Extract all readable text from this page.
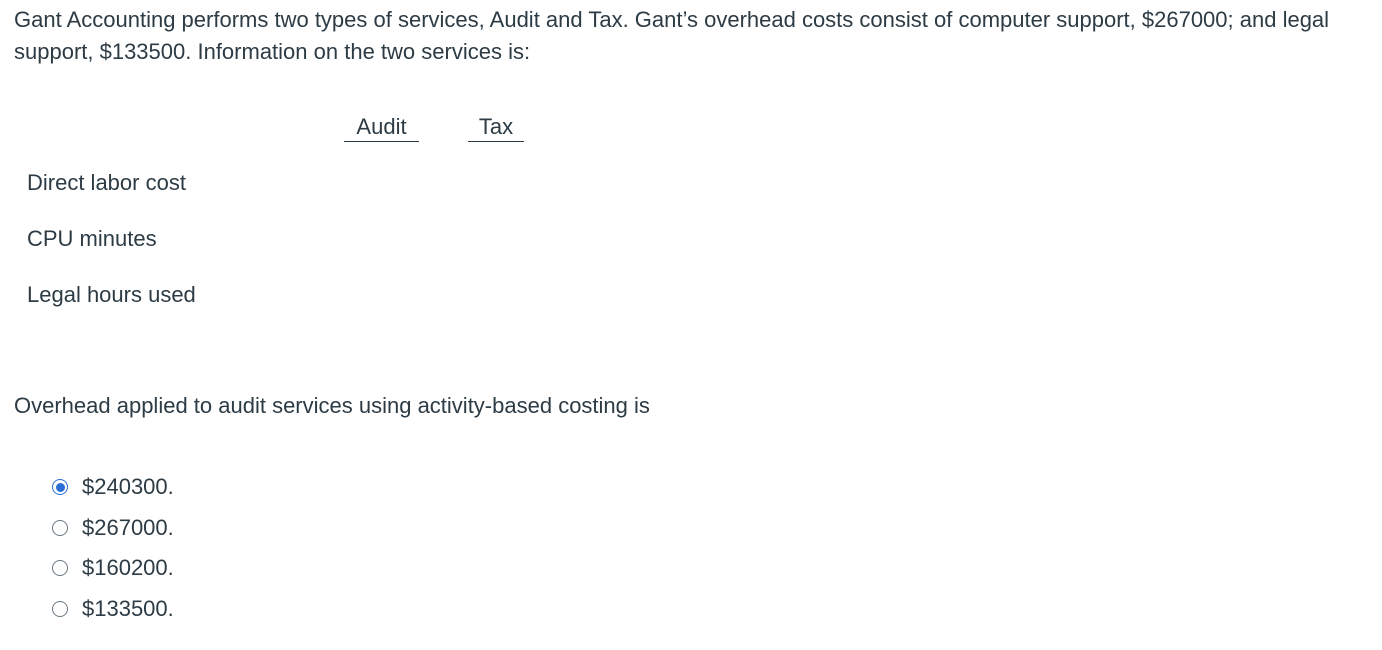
Gant Accounting performs two types of services, Audit and Tax. Gant’s overhead costs consist of computer support, $267000; and legal support, $133500. Information on the two services is:

Audit	Tax
Direct labor cost
CPU minutes
Legal hours used

Overhead applied to audit services using activity-based costing is

$240300.
$267000.
$160200.
$133500.
